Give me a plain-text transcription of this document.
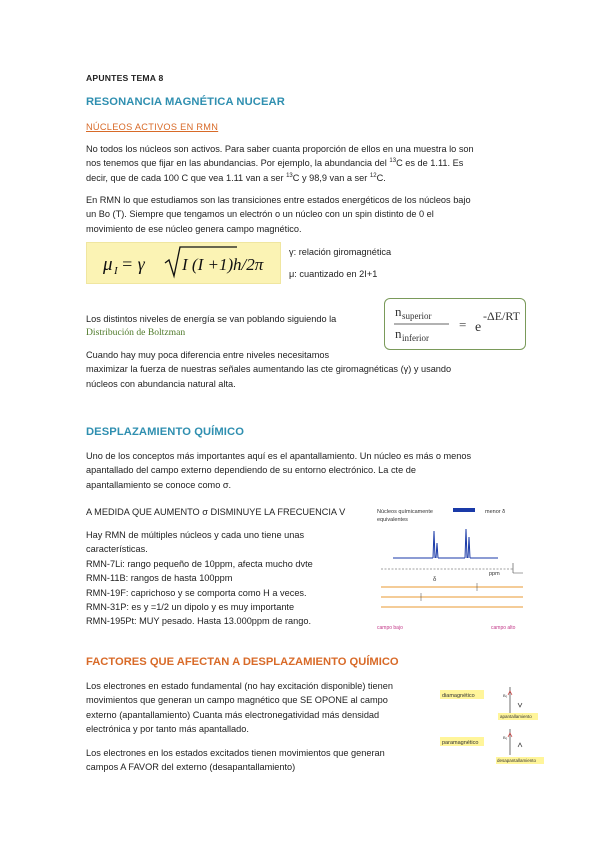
APUNTES TEMA 8
RESONANCIA MAGNÉTICA NUCEAR
NÚCLEOS ACTIVOS EN RMN
No todos los núcleos son activos. Para saber cuanta proporción de ellos en una muestra lo son
nos tenemos que fijar en las abundancias. Por ejemplo, la abundancia del $^{13}$C es de 1.11. Es
decir, que de cada 100 C que vea 1.11 van a ser $^{13}$C y 98,9 van a ser $^{12}$C.
En RMN lo que estudiamos son las transiciones entre estados energéticos de los núcleos bajo
un Bo (T). Siempre que tengamos un electrón o un núcleo con un spin distinto de 0 el
movimiento de ese núcleo genera campo magnético.
μ I = γ I (I +1) h/2π
γ: relación giromagnética
μ: cuantizado en 2I+1
Los distintos niveles de energía se van poblando siguiendo la
Distribución de Boltzman
n superior
n inferior
= e
-ΔE/RT
Cuando hay muy poca diferencia entre niveles necesitamos
maximizar la fuerza de nuestras señales aumentando las cte giromagnéticas (γ) y usando
núcleos con abundancia natural alta.
DESPLAZAMIENTO QUÍMICO
Uno de los conceptos más importantes aquí es el apantallamiento. Un núcleo es más o menos
apantallado del campo externo dependiendo de su entorno electrónico. La cte de
apantallamiento se conoce como σ.
A MEDIDA QUE AUMENTO σ DISMINUYE LA FRECUENCIA V
Hay RMN de múltiples núcleos y cada uno tiene unas
características.
RMN-7Li: rango pequeño de 10ppm, afecta mucho dvte
RMN-11B: rangos de hasta 100ppm
RMN-19F: caprichoso y se comporta como H a veces.
RMN-31P: es y =1/2 un dipolo y es muy importante
RMN-195Pt: MUY pesado. Hasta 13.000ppm de rango.
Núcleos químicamente
equivalentes
menor δ
ppm
δ
campo bajo	campo alto
FACTORES QUE AFECTAN A DESPLAZAMIENTO QUÍMICO
Los electrones en estado fundamental (no hay excitación disponible) tienen
movimientos que generan un campo magnético que SE OPONE al campo
externo (apantallamiento) Cuanta más electronegatividad más densidad
electrónica y por tanto más apantallado.
Los electrones en los estados excitados tienen movimientos que generan
campos A FAVOR del externo (desapantallamiento)
diamagnético	B₀
apantallamiento
paramagnético
B₀
desapantallamiento
